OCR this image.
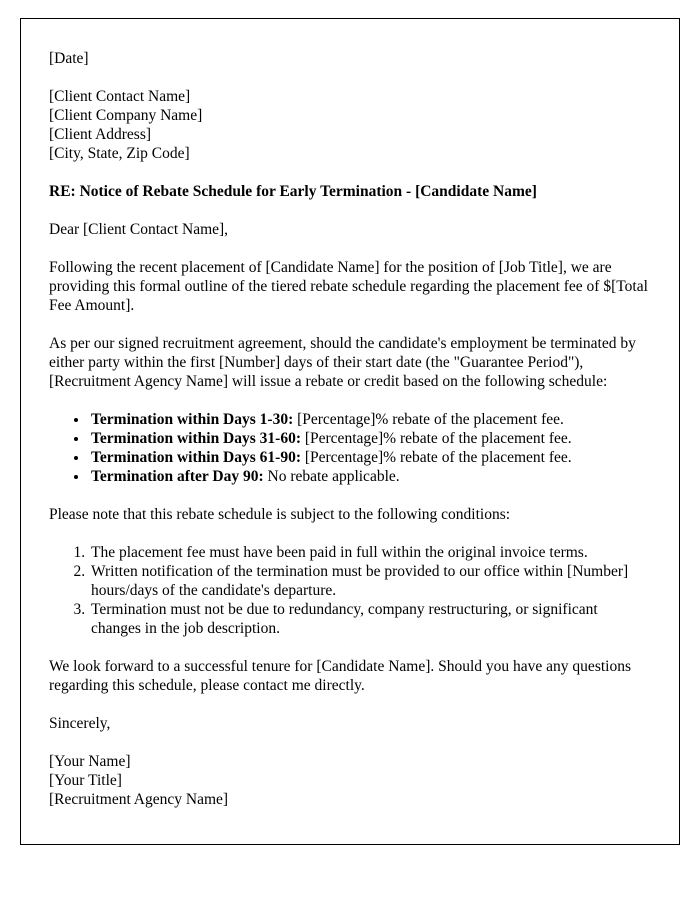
[Date]

[Client Contact Name]

[Client Company Name]

[Client Address]

[City, State, Zip Code]

RE: Notice of Rebate Schedule for Early Termination - [Candidate Name]

Dear [Client Contact Name],

Following the recent placement of [Candidate Name] for the position of [Job Title], we are providing this formal outline of the tiered rebate schedule regarding the placement fee of $[Total Fee Amount].

As per our signed recruitment agreement, should the candidate's employment be terminated by either party within the first [Number] days of their start date (the "Guarantee Period"), [Recruitment Agency Name] will issue a rebate or credit based on the following schedule:

• Termination within Days 1-30: [Percentage]% rebate of the placement fee.
• Termination within Days 31-60: [Percentage]% rebate of the placement fee.
• Termination within Days 61-90: [Percentage]% rebate of the placement fee.
• Termination after Day 90: No rebate applicable.

Please note that this rebate schedule is subject to the following conditions:

1. The placement fee must have been paid in full within the original invoice terms.
2. Written notification of the termination must be provided to our office within [Number] hours/days of the candidate's departure.
3. Termination must not be due to redundancy, company restructuring, or significant changes in the job description.

We look forward to a successful tenure for [Candidate Name]. Should you have any questions regarding this schedule, please contact me directly.

Sincerely,

[Your Name]

[Your Title]

[Recruitment Agency Name]
